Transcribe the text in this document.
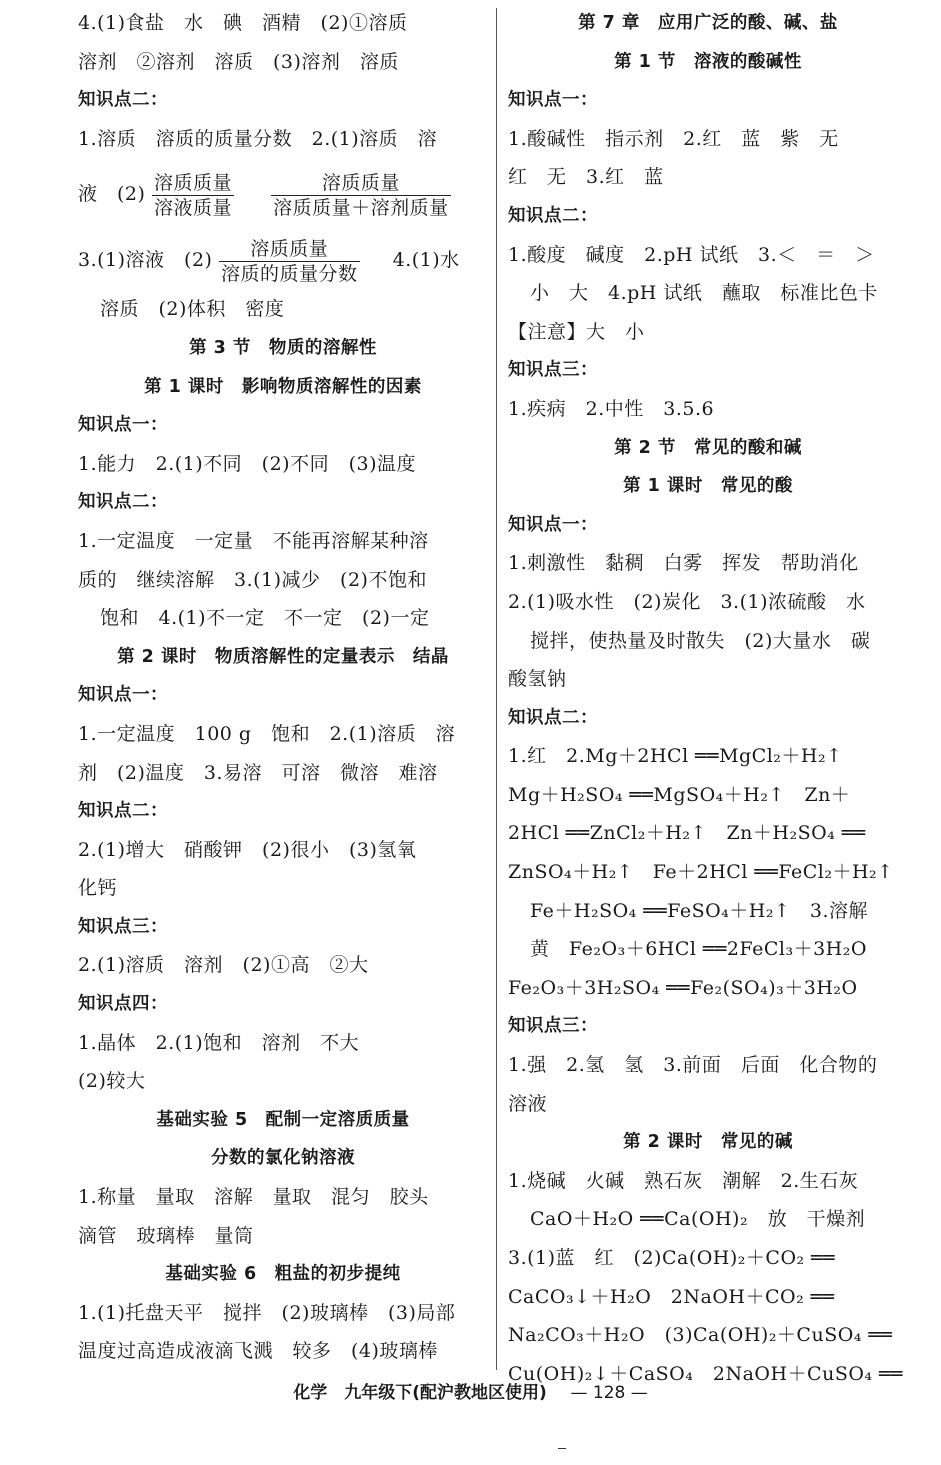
4.(1)食盐　水　碘　酒精　(2)①溶质
溶剂　②溶剂　溶质　(3)溶剂　溶质
知识点二：
1.溶质　溶质的质量分数　2.(1)溶质　溶
液　$(2) \frac{\text{溶质质量}}{\text{溶液质量}}$
$\frac{\text{溶质质量}}{\text{溶质质量＋溶剂质量}}$
3.(1)溶液　$(2) \frac{\text{溶质质量}}{\text{溶质的质量分数}} 4.(1)$水
溶质　(2)体积　密度
第 3 节　物质的溶解性
第 1 课时　影响物质溶解性的因素
知识点一：
1.能力　2.(1)不同　(2)不同　(3)温度
知识点二：
1.一定温度　一定量　不能再溶解某种溶
质的　继续溶解　3.(1)减少　(2)不饱和
饱和　4.(1)不一定　不一定　(2)一定
第 2 课时　物质溶解性的定量表示　结晶
知识点一：
1.一定温度　100 g　饱和　2.(1)溶质　溶
剂　(2)温度　3.易溶　可溶　微溶　难溶
知识点二：
2.(1)增大　硝酸钾　(2)很小　(3)氢氧
化钙
知识点三：
2.(1)溶质　溶剂　(2)①高　②大
知识点四：
1.晶体　2.(1)饱和　溶剂　不大
(2)较大
基础实验 5　配制一定溶质质量
分数的氯化钠溶液
1.称量　量取　溶解　量取　混匀　胶头
滴管　玻璃棒　量筒
基础实验 6　粗盐的初步提纯
1.(1)托盘天平　搅拌　(2)玻璃棒　(3)局部
温度过高造成液滴飞溅　较多　(4)玻璃棒
第 7 章　应用广泛的酸、碱、盐
第 1 节　溶液的酸碱性
知识点一：
1.酸碱性　指示剂　2.红　蓝　紫　无
红　无　3.红　蓝
知识点二：
1.酸度　碱度　2.pH 试纸　3.＜　＝　＞
小　大　4.pH 试纸　蘸取　标准比色卡
【注意】大　小
知识点三：
1.疾病　2.中性　3.5.6
第 2 节　常见的酸和碱
第 1 课时　常见的酸
知识点一：
1.刺激性　黏稠　白雾　挥发　帮助消化
2.(1)吸水性　(2)炭化　3.(1)浓硫酸　水
搅拌，使热量及时散失　(2)大量水　碳
酸氢钠
知识点二：
1.红　2.Mg＋2HCl ══MgCl₂＋H₂↑
Mg＋H₂SO₄ ══MgSO₄＋H₂↑　Zn＋
2HCl ══ZnCl₂＋H₂↑　Zn＋H₂SO₄ ══
ZnSO₄＋H₂↑　Fe＋2HCl ══FeCl₂＋H₂↑
Fe＋H₂SO₄ ══FeSO₄＋H₂↑　3.溶解
黄　Fe₂O₃＋6HCl ══2FeCl₃＋3H₂O
Fe₂O₃＋3H₂SO₄ ══Fe₂(SO₄)₃＋3H₂O
知识点三：
1.强　2.氢　氢　3.前面　后面　化合物的
溶液
第 2 课时　常见的碱
1.烧碱　火碱　熟石灰　潮解　2.生石灰
CaO＋H₂O ══Ca(OH)₂　放　干燥剂
3.(1)蓝　红　(2)Ca(OH)₂＋CO₂ ══
CaCO₃↓＋H₂O　2NaOH＋CO₂ ══
Na₂CO₃＋H₂O　(3)Ca(OH)₂＋CuSO₄ ══
Cu(OH)₂↓＋CaSO₄　2NaOH＋CuSO₄ ══
化学　九年级下(配沪教地区使用) — 128 —
